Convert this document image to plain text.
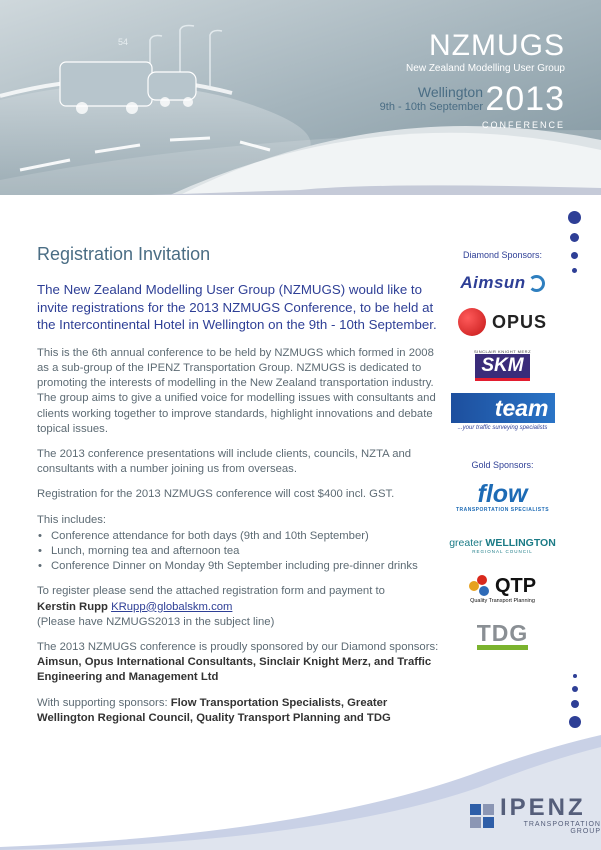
54	NZMUGS
New Zealand Modelling User Group
Wellington
9th - 10th September 2013
CONFERENCE
Registration Invitation

The New Zealand Modelling User Group (NZMUGS) would like to invite registrations for the 2013 NZMUGS Conference, to be held at the Intercontinental Hotel in Wellington on the 9th - 10th September.

This is the 6th annual conference to be held by NZMUGS which formed in 2008 as a sub-group of the IPENZ Transportation Group. NZMUGS is dedicated to promoting the interests of modelling in the New Zealand transportation industry. The group aims to give a unified voice for modelling issues with consultants and clients working together to improve standards, highlight innovations and debate topical issues.

The 2013 conference presentations will include clients, councils, NZTA and consultants with a number joining us from overseas.

Registration for the 2013 NZMUGS conference will cost $400 incl. GST.

This includes:
• Conference attendance for both days (9th and 10th September)
• Lunch, morning tea and afternoon tea
• Conference Dinner on Monday 9th September including pre-dinner drinks
To register please send the attached registration form and payment to
Kerstin Rupp KRupp@globalskm.com
(Please have NZMUGS2013 in the subject line)

The 2013 NZMUGS conference is proudly sponsored by our Diamond sponsors: Aimsun, Opus International Consultants, Sinclair Knight Merz, and Traffic Engineering and Management Ltd

With supporting sponsors: Flow Transportation Specialists, Greater Wellington Regional Council, Quality Transport Planning and TDG

Diamond Sponsors:
Aimsun
OPUS
SINCLAIR KNIGHT MERZ
SKM
team
...your traffic surveying specialists
Gold Sponsors:
flow
TRANSPORTATION SPECIALISTS
greater WELLINGTON
REGIONAL COUNCIL
QTP
Quality Transport Planning
TDG
IPENZ
TRANSPORTATION GROUP
